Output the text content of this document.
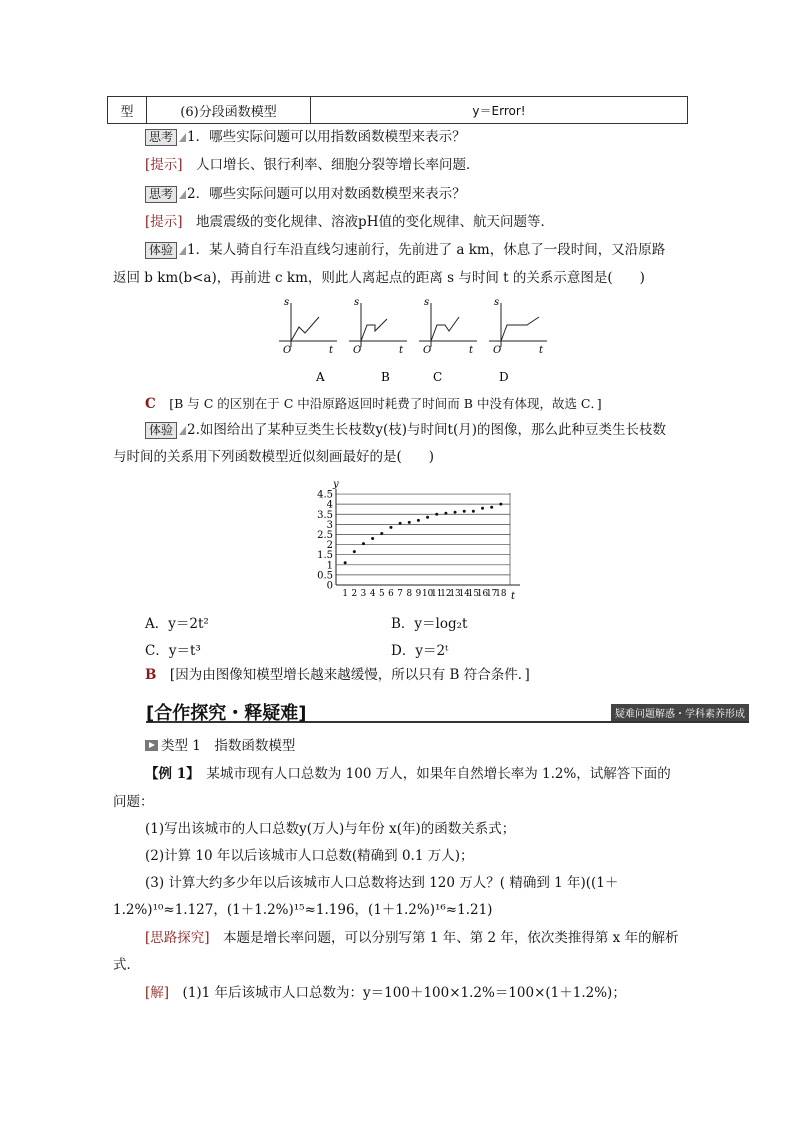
型	(6)分段函数模型	y＝Error!
思考 1．哪些实际问题可以用指数函数模型来表示？
[提示]　 人口增长、银行利率、细胞分裂等增长率问题．
思考 2．哪些实际问题可以用对数函数模型来表示？
[提示]　 地震震级的变化规律、溶液pH值的变化规律、航天问题等．
体验 1．某人骑自行车沿直线匀速前行，先前进了 a km，休息了一段时间，又沿原路
返回 b km(b<a)，再前进 c km，则此人离起点的距离 s 与时间 t 的关系示意图是(　　)
s
O	t
s
O	t
s
O	t
s
O	t
A	B	C	D
C　 [B 与 C 的区别在于 C 中沿原路返回时耗费了时间而 B 中没有体现，故选 C．]
体验 2.如图给出了某种豆类生长枝数y(枝)与时间t(月)的图像，那么此种豆类生长枝数
与时间的关系用下列函数模型近似刻画最好的是(　　)
0
0.5
1
1.5
2
2.5
3
3.5
4
4.5
1 2 3 4 5 6 7 8 9 10
11
12
13
14
15
16
17
18
y
t
A．y＝2t²	B．y＝log₂t
C．y＝t³	D．y＝2ᵗ
B　 [因为由图像知模型增长越来越缓慢，所以只有 B 符合条件．]
疑难问题解惑・学科素养形成
[合作探究・释疑难]
类型 1　指数函数模型
【例 1】　 某城市现有人口总数为 100 万人，如果年自然增长率为 1.2%，试解答下面的
问题：
(1)写出该城市的人口总数y(万人)与年份 x(年)的函数关系式；
(2)计算 10 年以后该城市人口总数(精确到 0.1 万人)；
(3) 计算大约多少年以后该城市人口总数将达到 120 万人？( 精确到 1 年)((1＋
1.2%)¹⁰≈1.127，(1＋1.2%)¹⁵≈1.196，(1＋1.2%)¹⁶≈1.21)
[思路探究]　 本题是增长率问题，可以分别写第 1 年、第 2 年，依次类推得第 x 年的解析
式．
[解]　 (1)1 年后该城市人口总数为：y＝100＋100×1.2%＝100×(1＋1.2%)；
